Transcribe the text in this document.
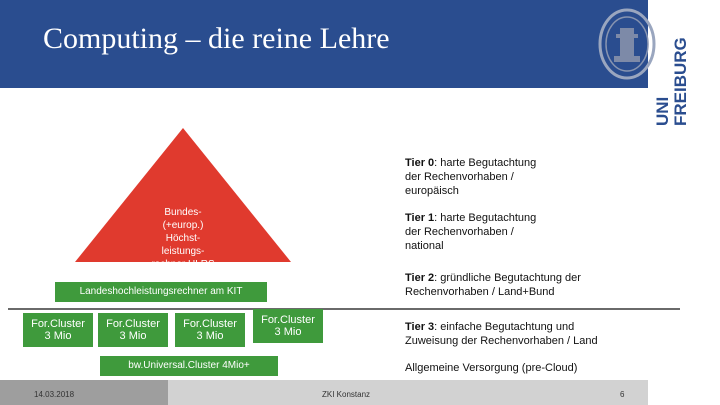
Computing – die reine Lehre
UNI FREIBURG
Bundes-
(+europ.)
Höchst-
leistungs-
rechner HLRS
Landeshochleistungsrechner am KIT
For.Cluster
3 Mio
For.Cluster
3 Mio
For.Cluster
3 Mio
For.Cluster
3 Mio
bw.Universal.Cluster 4Mio+
Tier 0: harte Begutachtung
der Rechenvorhaben /
europäisch
Tier 1: harte Begutachtung
der Rechenvorhaben /
national
Tier 2: gründliche Begutachtung der
Rechenvorhaben / Land+Bund
Tier 3: einfache Begutachtung und
Zuweisung der Rechenvorhaben / Land
Allgemeine Versorgung (pre-Cloud)
14.03.2018	ZKI Konstanz	6
